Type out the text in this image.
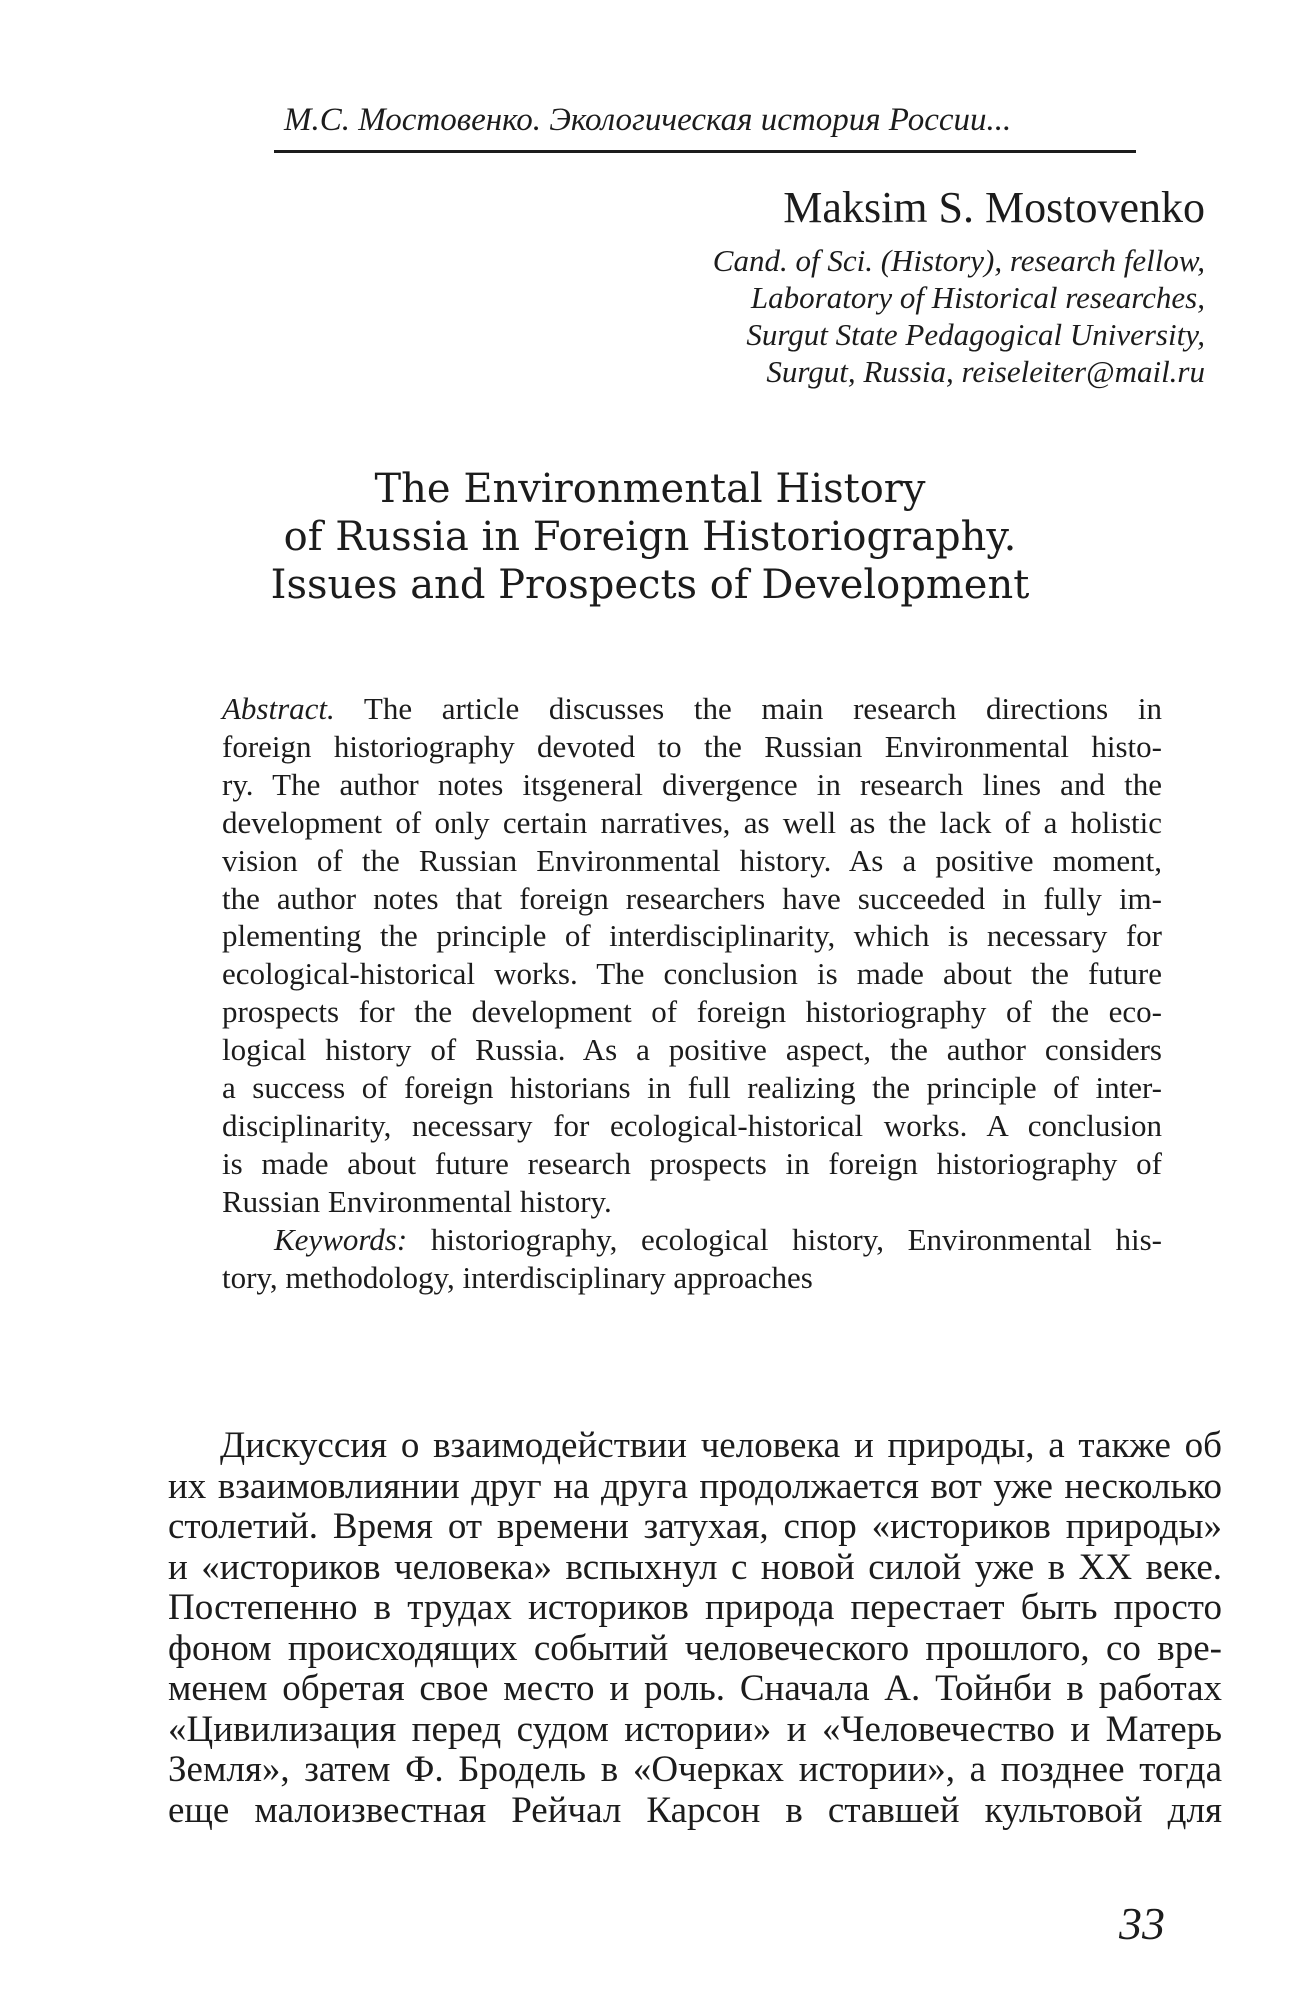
М.С. Мостовенко. Экологическая история России...
Maksim S. Mostovenko
Cand. of Sci. (History), research fellow,
Laboratory of Historical researches,
Surgut State Pedagogical University,
Surgut, Russia, reiseleiter@mail.ru
The Environmental History
of Russia in Foreign Historiography.
Issues and Prospects of Development
Abstract. The article discusses the main research directions in
foreign historiography devoted to the Russian Environmental histo-
ry. The author notes itsgeneral divergence in research lines and the
development of only certain narratives, as well as the lack of a holistic
vision of the Russian Environmental history. As a positive moment,
the author notes that foreign researchers have succeeded in fully im-
plementing the principle of interdisciplinarity, which is necessary for
ecological-historical works. The conclusion is made about the future
prospects for the development of foreign historiography of the eco-
logical history of Russia. As a positive aspect, the author considers
a success of foreign historians in full realizing the principle of inter-
disciplinarity, necessary for ecological-historical works. A conclusion
is made about future research prospects in foreign historiography of
Russian Environmental history.
Keywords: historiography, ecological history, Environmental his-
tory, methodology, interdisciplinary approaches
Дискуссия о взаимодействии человека и природы, а также об
их взаимовлиянии друг на друга продолжается вот уже несколько
столетий. Время от времени затухая, спор «историков природы»
и «историков человека» вспыхнул с новой силой уже в XX веке.
Постепенно в трудах историков природа перестает быть просто
фоном происходящих событий человеческого прошлого, со вре-
менем обретая свое место и роль. Сначала А. Тойнби в работах
«Цивилизация перед судом истории» и «Человечество и Матерь
Земля», затем Ф. Бродель в «Очерках истории», а позднее тогда
еще малоизвестная Рейчал Карсон в ставшей культовой для
33
